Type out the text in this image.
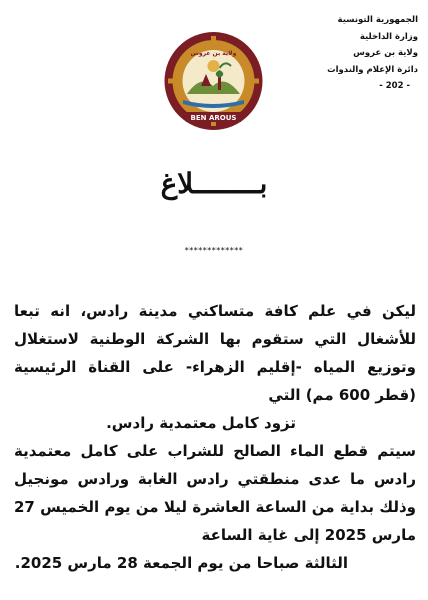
الجمهورية التونسية
وزارة الداخلية
ولاية بن عروس
دائرة الإعلام والندوات
- 202 -
BEN AROUS
ولاية بن عروس
بــــــــلاغ
*************

ليكن في علم كافة متساكني مدينة رادس، انه تبعا للأشغال التي ستقوم بها الشركة الوطنية لاستغلال وتوزيع المياه -إقليم الزهراء- على القناة الرئيسية (قطر 600 مم) التي

تزود كامل معتمدية رادس.

سيتم قطع الماء الصالح للشراب على كامل معتمدية رادس ما عدى منطقتي رادس الغابة ورادس مونجيل وذلك بداية من الساعة العاشرة ليلا من يوم الخميس 27 مارس 2025 إلى غاية الساعة

الثالثة صباحا من يوم الجمعة 28 مارس 2025.
